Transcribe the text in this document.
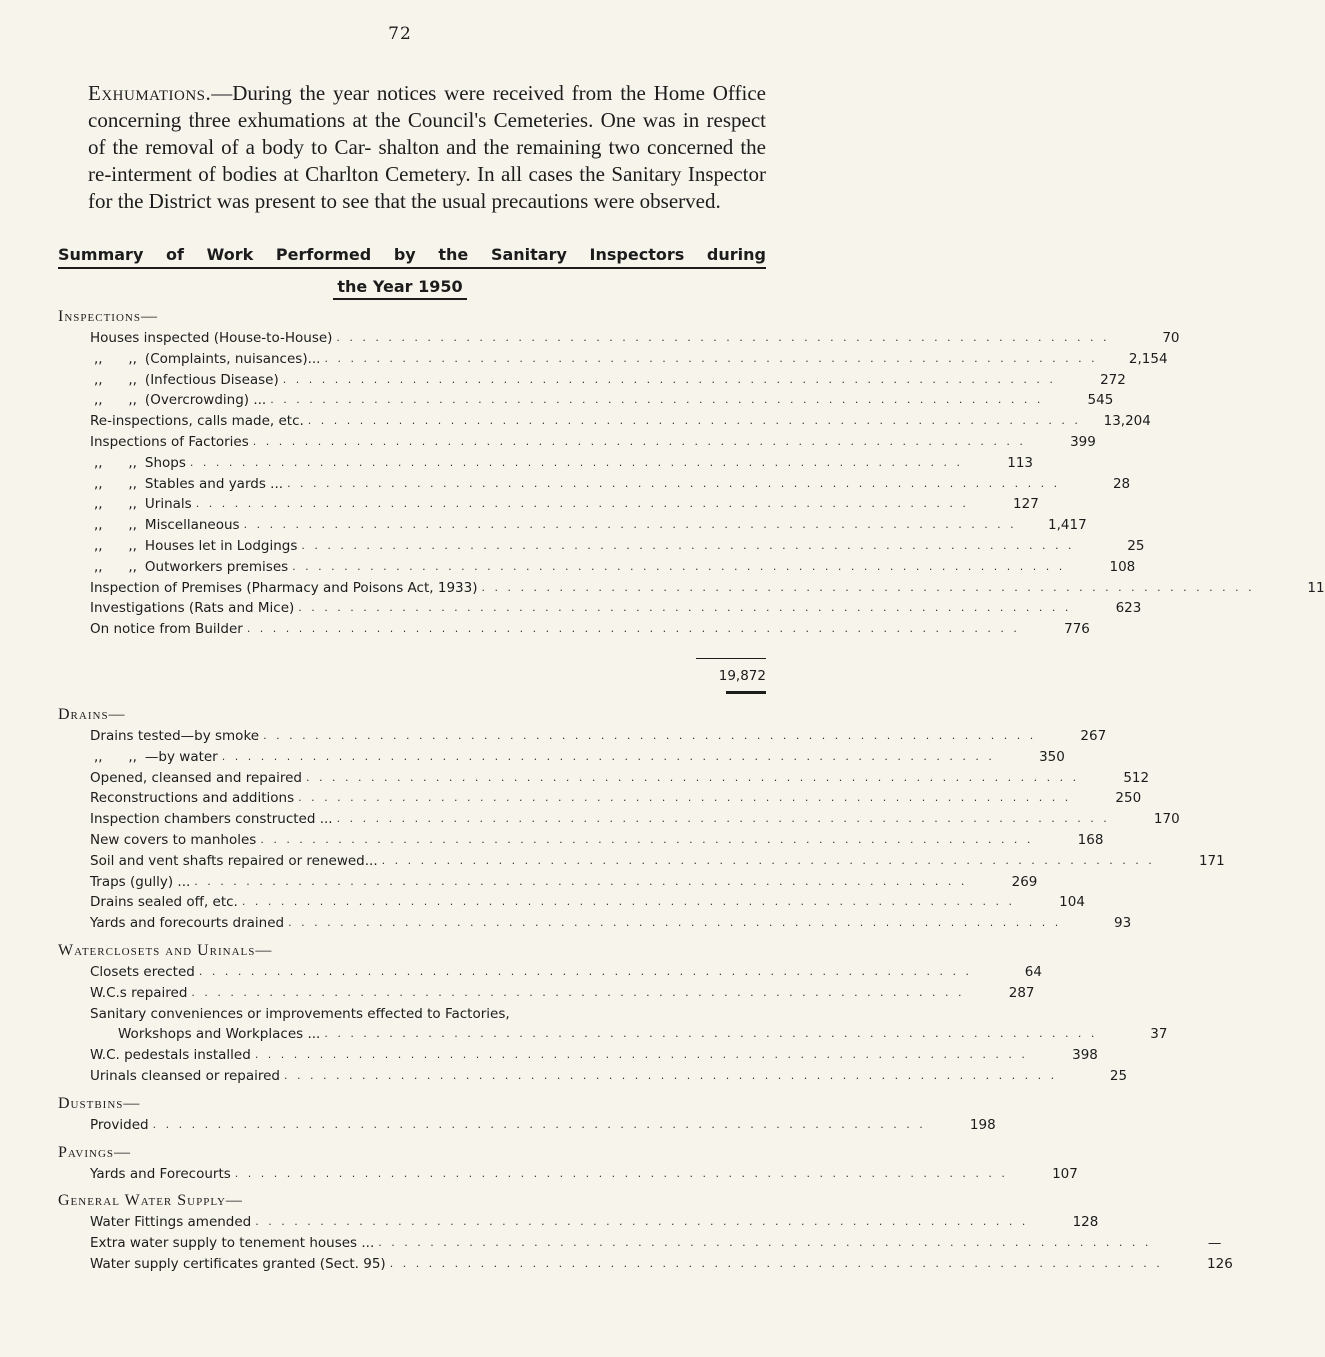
72

Exhumations.—During the year notices were received from the Home Office concerning three exhumations at the Council's Cemeteries. One was in respect of the removal of a body to Car- shalton and the remaining two concerned the re-interment of bodies at Charlton Cemetery. In all cases the Sanitary Inspector for the District was present to see that the usual precautions were observed.

Summary of Work Performed by the Sanitary Inspectors during
the Year 1950
Inspections—
Houses inspected (House-to-House) . . . . . . . . . . . . . . . . . . . . . . . . . . . . . . . . . . . . . . . . . . . . . . . . . . . . . . . . . . . .	70
,,      ,, (Complaints, nuisances)... . . . . . . . . . . . . . . . . . . . . . . . . . . . . . . . . . . . . . . . . . . . . . . . . . . . . . . . . . . . .	2,154
,,      ,, (Infectious Disease) . . . . . . . . . . . . . . . . . . . . . . . . . . . . . . . . . . . . . . . . . . . . . . . . . . . . . . . . . . . .	272
,,      ,, (Overcrowding) ... . . . . . . . . . . . . . . . . . . . . . . . . . . . . . . . . . . . . . . . . . . . . . . . . . . . . . . . . . . . .	545
Re-inspections, calls made, etc. . . . . . . . . . . . . . . . . . . . . . . . . . . . . . . . . . . . . . . . . . . . . . . . . . . . . . . . . . . . .	13,204
Inspections of Factories . . . . . . . . . . . . . . . . . . . . . . . . . . . . . . . . . . . . . . . . . . . . . . . . . . . . . . . . . . . .	399
,,      ,, Shops . . . . . . . . . . . . . . . . . . . . . . . . . . . . . . . . . . . . . . . . . . . . . . . . . . . . . . . . . . . .	113
,,      ,, Stables and yards ... . . . . . . . . . . . . . . . . . . . . . . . . . . . . . . . . . . . . . . . . . . . . . . . . . . . . . . . . . . . .	28
,,      ,, Urinals . . . . . . . . . . . . . . . . . . . . . . . . . . . . . . . . . . . . . . . . . . . . . . . . . . . . . . . . . . . .	127
,,      ,, Miscellaneous . . . . . . . . . . . . . . . . . . . . . . . . . . . . . . . . . . . . . . . . . . . . . . . . . . . . . . . . . . . .	1,417
,,      ,, Houses let in Lodgings . . . . . . . . . . . . . . . . . . . . . . . . . . . . . . . . . . . . . . . . . . . . . . . . . . . . . . . . . . . .	25
,,      ,, Outworkers premises . . . . . . . . . . . . . . . . . . . . . . . . . . . . . . . . . . . . . . . . . . . . . . . . . . . . . . . . . . . .	108
Inspection of Premises (Pharmacy and Poisons Act, 1933) . . . . . . . . . . . . . . . . . . . . . . . . . . . . . . . . . . . . . . . . . . . . . . . . . . . . . . . . . . . .	11
Investigations (Rats and Mice) . . . . . . . . . . . . . . . . . . . . . . . . . . . . . . . . . . . . . . . . . . . . . . . . . . . . . . . . . . . .	623
On notice from Builder . . . . . . . . . . . . . . . . . . . . . . . . . . . . . . . . . . . . . . . . . . . . . . . . . . . . . . . . . . . .	776
19,872
Drains—
Drains tested—by smoke . . . . . . . . . . . . . . . . . . . . . . . . . . . . . . . . . . . . . . . . . . . . . . . . . . . . . . . . . . . .	267
,,      ,, —by water . . . . . . . . . . . . . . . . . . . . . . . . . . . . . . . . . . . . . . . . . . . . . . . . . . . . . . . . . . . .	350
Opened, cleansed and repaired . . . . . . . . . . . . . . . . . . . . . . . . . . . . . . . . . . . . . . . . . . . . . . . . . . . . . . . . . . . .	512
Reconstructions and additions . . . . . . . . . . . . . . . . . . . . . . . . . . . . . . . . . . . . . . . . . . . . . . . . . . . . . . . . . . . .	250
Inspection chambers constructed ... . . . . . . . . . . . . . . . . . . . . . . . . . . . . . . . . . . . . . . . . . . . . . . . . . . . . . . . . . . . .	170
New covers to manholes . . . . . . . . . . . . . . . . . . . . . . . . . . . . . . . . . . . . . . . . . . . . . . . . . . . . . . . . . . . .	168
Soil and vent shafts repaired or renewed... . . . . . . . . . . . . . . . . . . . . . . . . . . . . . . . . . . . . . . . . . . . . . . . . . . . . . . . . . . . .	171
Traps (gully) ... . . . . . . . . . . . . . . . . . . . . . . . . . . . . . . . . . . . . . . . . . . . . . . . . . . . . . . . . . . . .	269
Drains sealed off, etc. . . . . . . . . . . . . . . . . . . . . . . . . . . . . . . . . . . . . . . . . . . . . . . . . . . . . . . . . . . . .	104
Yards and forecourts drained . . . . . . . . . . . . . . . . . . . . . . . . . . . . . . . . . . . . . . . . . . . . . . . . . . . . . . . . . . . .	93
Waterclosets and Urinals—
Closets erected . . . . . . . . . . . . . . . . . . . . . . . . . . . . . . . . . . . . . . . . . . . . . . . . . . . . . . . . . . . .	64
W.C.s repaired . . . . . . . . . . . . . . . . . . . . . . . . . . . . . . . . . . . . . . . . . . . . . . . . . . . . . . . . . . . .	287
Sanitary conveniences or improvements effected to Factories,
Workshops and Workplaces ... . . . . . . . . . . . . . . . . . . . . . . . . . . . . . . . . . . . . . . . . . . . . . . . . . . . . . . . . . . . .	37
W.C. pedestals installed . . . . . . . . . . . . . . . . . . . . . . . . . . . . . . . . . . . . . . . . . . . . . . . . . . . . . . . . . . . .	398
Urinals cleansed or repaired . . . . . . . . . . . . . . . . . . . . . . . . . . . . . . . . . . . . . . . . . . . . . . . . . . . . . . . . . . . .	25
Dustbins—
Provided . . . . . . . . . . . . . . . . . . . . . . . . . . . . . . . . . . . . . . . . . . . . . . . . . . . . . . . . . . . .	198
Pavings—
Yards and Forecourts . . . . . . . . . . . . . . . . . . . . . . . . . . . . . . . . . . . . . . . . . . . . . . . . . . . . . . . . . . . .	107
General Water Supply—
Water Fittings amended . . . . . . . . . . . . . . . . . . . . . . . . . . . . . . . . . . . . . . . . . . . . . . . . . . . . . . . . . . . .	128
Extra water supply to tenement houses ... . . . . . . . . . . . . . . . . . . . . . . . . . . . . . . . . . . . . . . . . . . . . . . . . . . . . . . . . . . . .	—
Water supply certificates granted (Sect. 95) . . . . . . . . . . . . . . . . . . . . . . . . . . . . . . . . . . . . . . . . . . . . . . . . . . . . . . . . . . . .	126
